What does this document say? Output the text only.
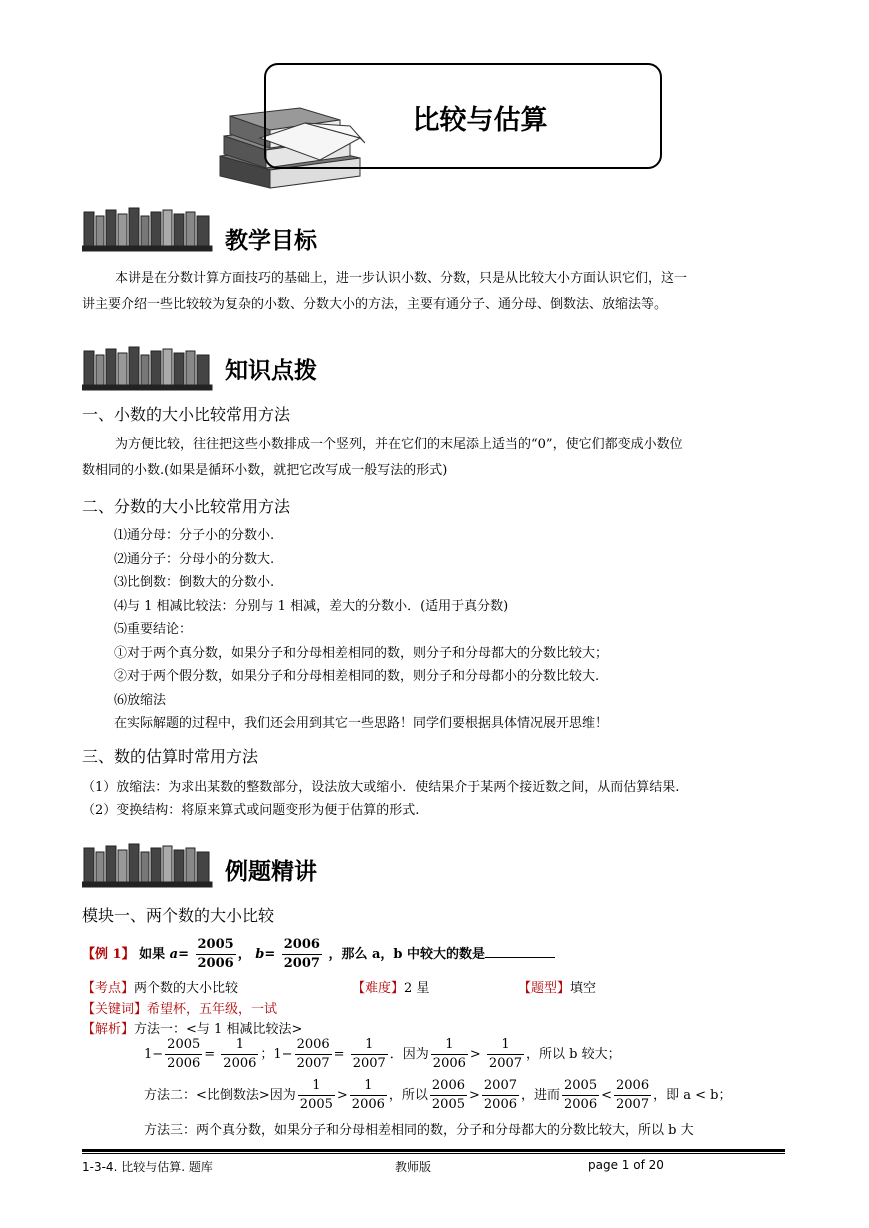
比较与估算
教学目标
本讲是在分数计算方面技巧的基础上，进一步认识小数、分数，只是从比较大小方面认识它们，这一
讲主要介绍一些比较较为复杂的小数、分数大小的方法，主要有通分子、通分母、倒数法、放缩法等。
知识点拨
一、小数的大小比较常用方法
为方便比较，往往把这些小数排成一个竖列，并在它们的末尾添上适当的“0”，使它们都变成小数位
数相同的小数.(如果是循环小数，就把它改写成一般写法的形式)
二、分数的大小比较常用方法
⑴通分母：分子小的分数小.
⑵通分子：分母小的分数大.
⑶比倒数：倒数大的分数小.
⑷与 1 相减比较法：分别与 1 相减，差大的分数小．(适用于真分数)
⑸重要结论：
①对于两个真分数，如果分子和分母相差相同的数，则分子和分母都大的分数比较大；
②对于两个假分数，如果分子和分母相差相同的数，则分子和分母都小的分数比较大.
⑹放缩法
在实际解题的过程中，我们还会用到其它一些思路！同学们要根据具体情况展开思维！
三、数的估算时常用方法
（1）放缩法：为求出某数的整数部分，设法放大或缩小．使结果介于某两个接近数之间，从而估算结果.
（2）变换结构：将原来算式或问题变形为便于估算的形式.
例题精讲
模块一、两个数的大小比较
【例 1】 如果 $a= \frac{2005}{2006}$ ， $b= \frac{2006}{2007}$ ，那么 a，b 中较大的数是
【考点】两个数的大小比较	【难度】2 星	【题型】填空
【关键词】希望杯，五年级，一试
【解析】方法一：<与 1 相减比较法>
$1- \frac{2005}{2006} = \frac{1}{2006}$ ；$1- \frac{2006}{2007} = \frac{1}{2007}$ ．因为 $\frac{1}{2006} > \frac{1}{2007}$ ，所以 b 较大；
方法二：<比倒数法>因为 $\frac{1}{2005} > \frac{1}{2006}$ ，所以 $\frac{2006}{2005} > \frac{2007}{2006}$ ，进而 $\frac{2005}{2006} < \frac{2006}{2007}$ ，即 a < b；
方法三：两个真分数，如果分子和分母相差相同的数，分子和分母都大的分数比较大，所以 b 大
1-3-4. 比较与估算. 题库	教师版	page 1 of 20
